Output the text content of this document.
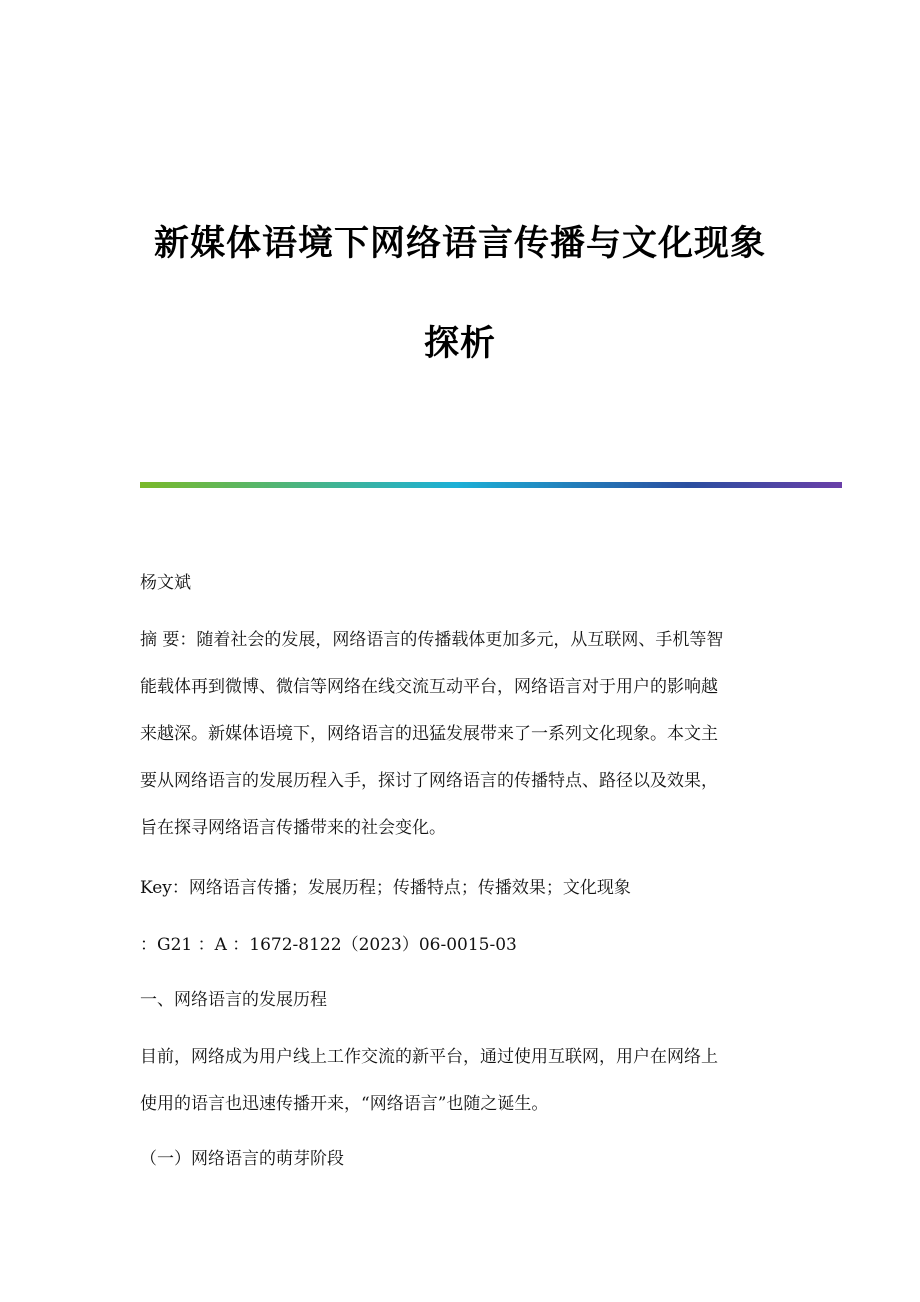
新媒体语境下网络语言传播与文化现象
探析
杨文斌
摘 要：随着社会的发展，网络语言的传播载体更加多元，从互联网、手机等智
能载体再到微博、微信等网络在线交流互动平台，网络语言对于用户的影响越
来越深。新媒体语境下，网络语言的迅猛发展带来了一系列文化现象。本文主
要从网络语言的发展历程入手，探讨了网络语言的传播特点、路径以及效果，
旨在探寻网络语言传播带来的社会变化。
Key：网络语言传播；发展历程；传播特点；传播效果；文化现象
：G21 ：A ：1672-8122（2023）06-0015-03
一、网络语言的发展历程
目前，网络成为用户线上工作交流的新平台，通过使用互联网，用户在网络上
使用的语言也迅速传播开来，“网络语言”也随之诞生。
（一）网络语言的萌芽阶段
